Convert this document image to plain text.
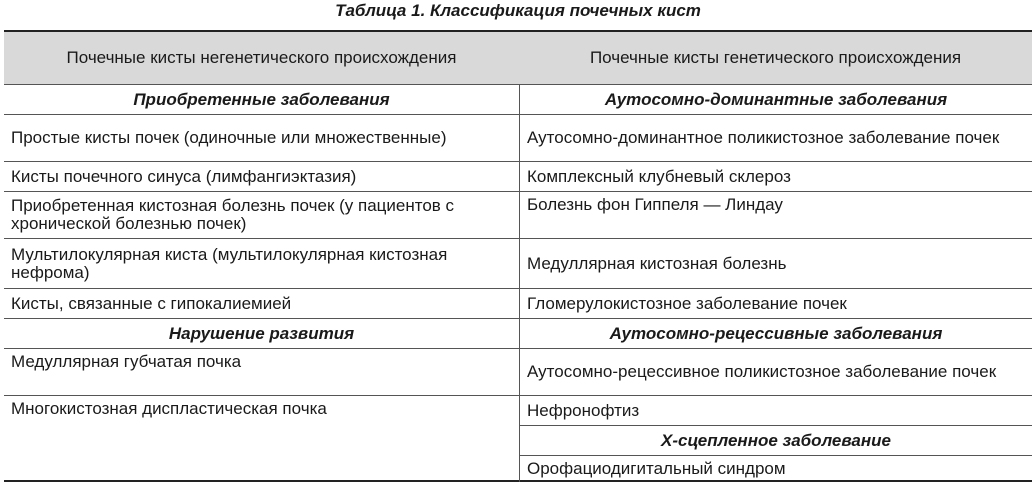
Таблица 1. Классификация почечных кист
Почечные кисты негенетического происхождения	Почечные кисты генетического происхождения
Приобретенные заболевания
Простые кисты почек (одиночные или множественные)
Кисты почечного синуса (лимфангиэктазия)
Приобретенная кистозная болезнь почек (у пациентов с хронической болезнью почек)
Мультилокулярная киста (мультилокулярная кистозная нефрома)
Кисты, связанные с гипокалиемией
Нарушение развития
Медуллярная губчатая почка
Многокистозная диспластическая почка
Аутосомно-доминантные заболевания
Аутосомно-доминантное поликистозное заболевание почек
Комплексный клубневый склероз
Болезнь фон Гиппеля — Линдау
Медуллярная кистозная болезнь
Гломерулокистозное заболевание почек
Аутосомно-рецессивные заболевания
Аутосомно-рецессивное поликистозное заболевание почек
Нефронофтиз
X-сцепленное заболевание
Орофациодигитальный синдром
